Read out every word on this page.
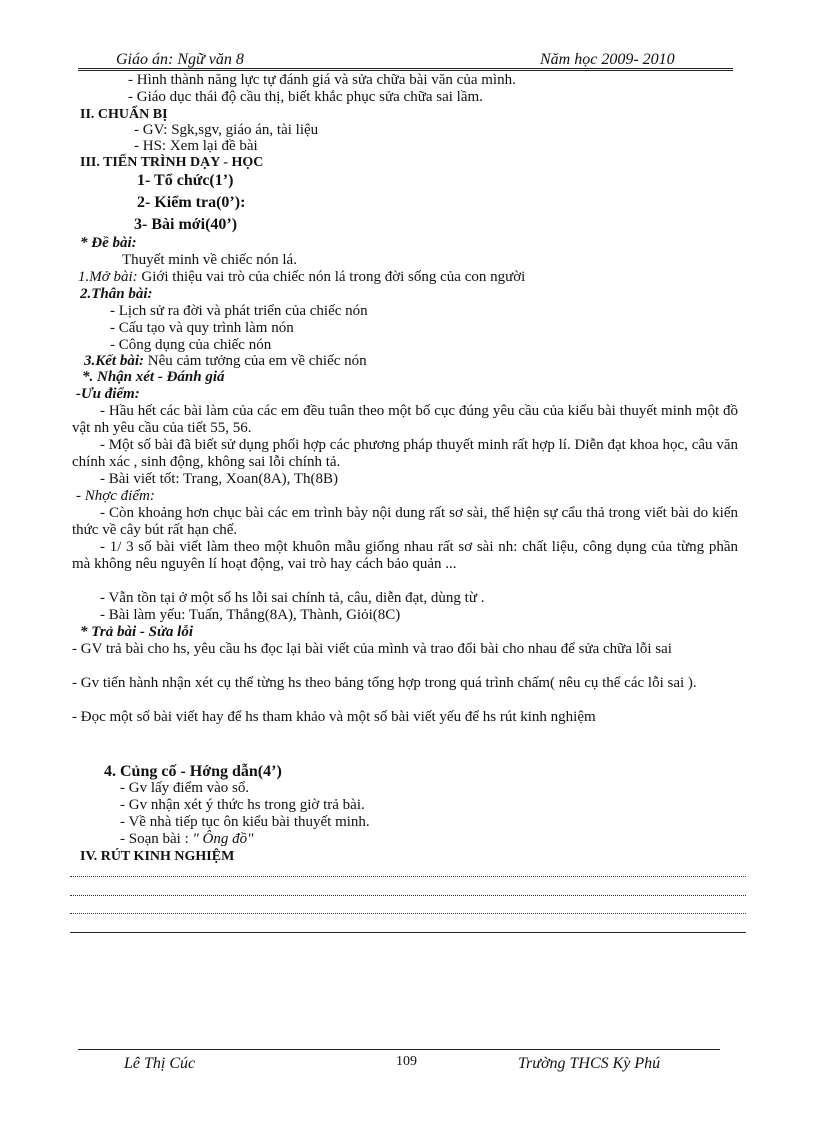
Giáo án: Ngữ văn 8	Năm học 2009- 2010
- Hình thành năng lực tự đánh giá và sửa chữa bài văn của mình.
- Giáo dục thái độ cầu thị, biết khắc phục sửa chữa sai lầm.
II. CHUẨN BỊ
- GV: Sgk,sgv, giáo án, tài liệu
- HS: Xem lại đề bài
III. TIẾN TRÌNH DẠY - HỌC
1- Tổ chức(1’)
2- Kiểm tra(0’):
3- Bài mới(40’)
* Đề bài:
Thuyết minh về chiếc nón lá.
1.Mở bài: Giới thiệu vai trò của chiếc nón lá trong đời sống của con người
2.Thân bài:
- Lịch sử ra đời và phát triển của chiếc nón
- Cấu tạo và quy trình làm nón
- Công dụng của chiếc nón
3.Kết bài: Nêu cảm tưởng của em về chiếc nón
*. Nhận xét - Đánh giá
-Ưu điểm:
- Hầu hết các bài làm của các em đều tuân theo một bố cục đúng yêu cầu của kiểu bài thuyết minh một đồ vật nh yêu cầu của tiết 55, 56.
- Một số bài đã biết sử dụng phối hợp các phương pháp thuyết minh rất hợp lí. Diễn đạt khoa học, câu văn chính xác , sinh động, không sai lỗi chính tả.
- Bài viết tốt: Trang, Xoan(8A), Th(8B)
- Nhợc điểm:
- Còn khoảng hơn chục bài các em trình bày nội dung rất sơ sài, thể hiện sự cẩu thả trong viết bài do kiến thức về cây bút rất hạn chế.
- 1/ 3 số bài viết làm theo một khuôn mẫu giống nhau rất sơ sài nh: chất liệu, công dụng của từng phần mà không nêu nguyên lí hoạt động, vai trò hay cách bảo quản ...
- Vẫn tồn tại ở một số hs lỗi sai chính tả, câu, diễn đạt, dùng từ .
- Bài làm yếu: Tuấn, Thắng(8A), Thành, Giỏi(8C)
* Trả bài - Sửa lỗi
- GV trả bài cho hs, yêu cầu hs đọc lại bài viết của mình và trao đổi bài cho nhau để sửa chữa lỗi sai
- Gv tiến hành nhận xét cụ thể từng hs theo bảng tổng hợp trong quá trình chấm( nêu cụ thể các lỗi sai ).
- Đọc một số bài viết hay để hs tham khảo và một số bài viết yếu để hs rút kinh nghiệm
4. Củng cố - Hớng dẫn(4’)
- Gv lấy điểm vào sổ.
- Gv nhận xét ý thức hs trong giờ trả bài.
- Về nhà tiếp tục ôn kiểu bài thuyết minh.
- Soạn bài : " Ông đồ"
IV. RÚT KINH NGHIỆM
Lê Thị Cúc	109	Trường THCS Kỳ Phú
